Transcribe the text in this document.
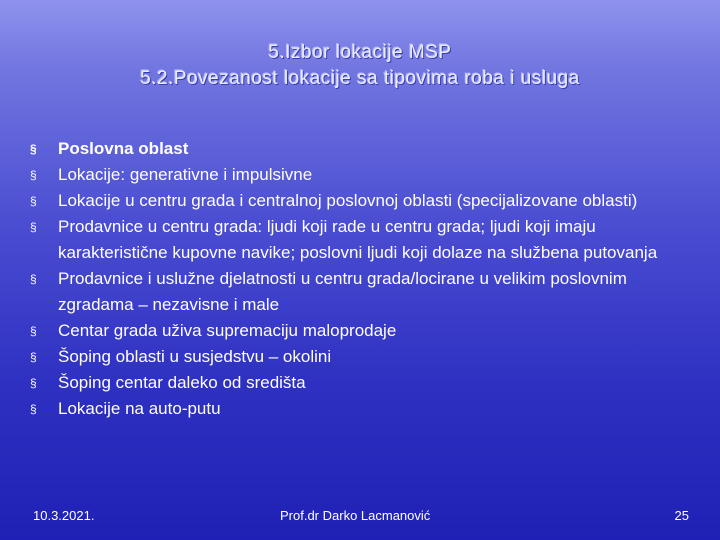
5.Izbor lokacije MSP
5.2.Povezanost lokacije sa tipovima roba i usluga
§ Poslovna oblast
§ Lokacije: generativne i impulsivne
§ Lokacije u centru grada i centralnoj poslovnoj oblasti (specijalizovane oblasti)
§ Prodavnice u centru grada: ljudi koji rade u centru grada; ljudi koji imaju karakteristične kupovne navike; poslovni ljudi koji dolaze na službena putovanja
§ Prodavnice i uslužne djelatnosti u centru grada/locirane u velikim poslovnim zgradama – nezavisne i male
§ Centar grada uživa supremaciju maloprodaje
§ Šoping oblasti u susjedstvu – okolini
§ Šoping centar daleko od središta
§ Lokacije na auto-putu
10.3.2021.	Prof.dr Darko Lacmanović	25
